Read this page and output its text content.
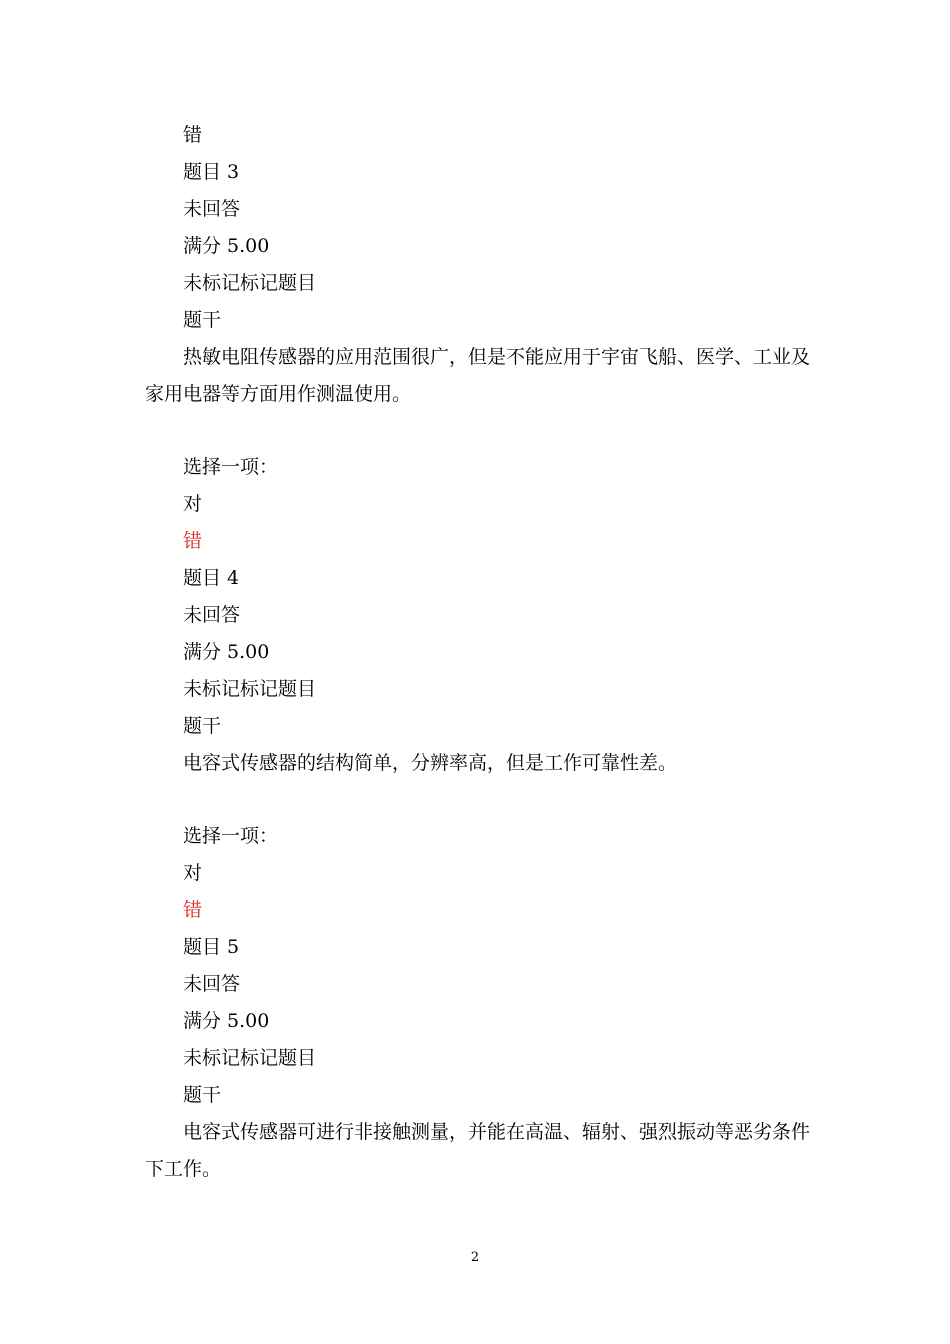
错
题目 3
未回答
满分 5.00
未标记标记题目
题干

热敏电阻传感器的应用范围很广，但是不能应用于宇宙飞船、医学、工业及家用电器等方面用作测温使用。

选择一项：
对
错
题目 4
未回答
满分 5.00
未标记标记题目
题干

电容式传感器的结构简单，分辨率高，但是工作可靠性差。

选择一项：
对
错
题目 5
未回答
满分 5.00
未标记标记题目
题干

电容式传感器可进行非接触测量，并能在高温、辐射、强烈振动等恶劣条件下工作。

2
